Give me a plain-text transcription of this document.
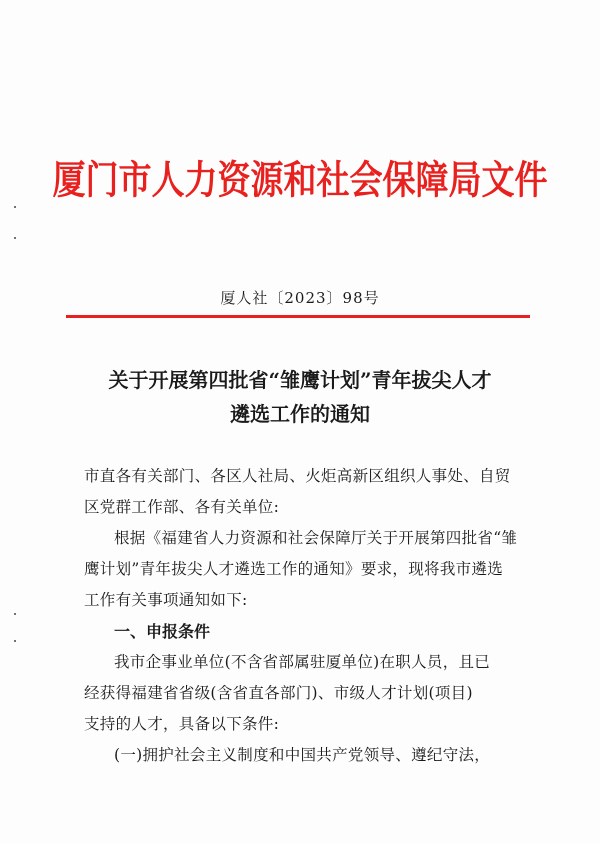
厦门市人力资源和社会保障局文件
厦人社〔2023〕98号
关于开展第四批省“雏鹰计划”青年拔尖人才
遴选工作的通知
市直各有关部门、各区人社局、火炬高新区组织人事处、自贸
区党群工作部、各有关单位:
根据《福建省人力资源和社会保障厅关于开展第四批省“雏
鹰计划”青年拔尖人才遴选工作的通知》要求，现将我市遴选
工作有关事项通知如下:
一、申报条件
我市企事业单位(不含省部属驻厦单位)在职人员，且已
经获得福建省省级(含省直各部门)、市级人才计划(项目)
支持的人才，具备以下条件:
(一)拥护社会主义制度和中国共产党领导、遵纪守法，
